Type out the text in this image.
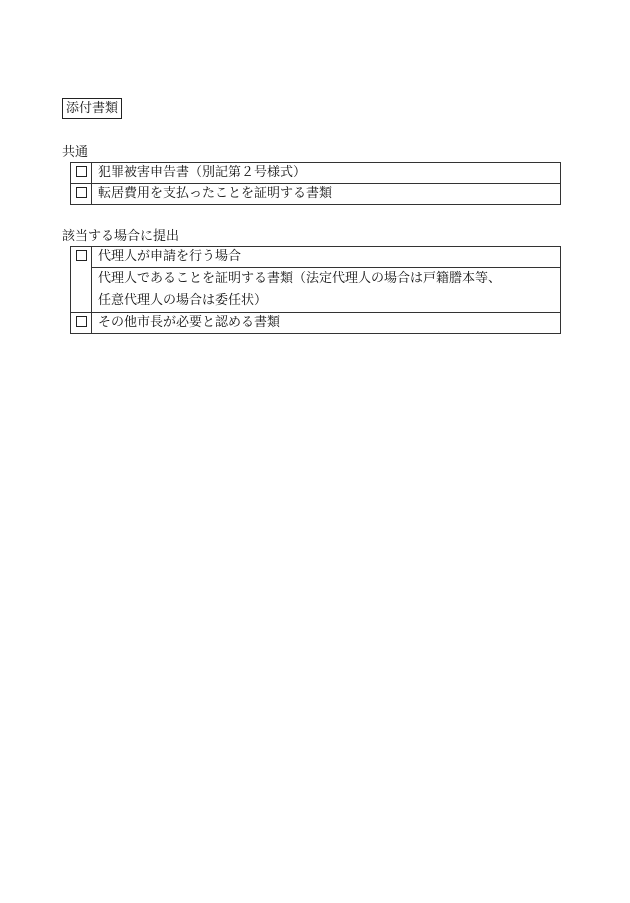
添付書類
共通
	犯罪被害申告書（別記第２号様式）
	転居費用を支払ったことを証明する書類
該当する場合に提出
	代理人が申請を行う場合

	代理人であることを証明する書類（法定代理人の場合は戸籍謄本等、
任意代理人の場合は委任状）

	その他市長が必要と認める書類
